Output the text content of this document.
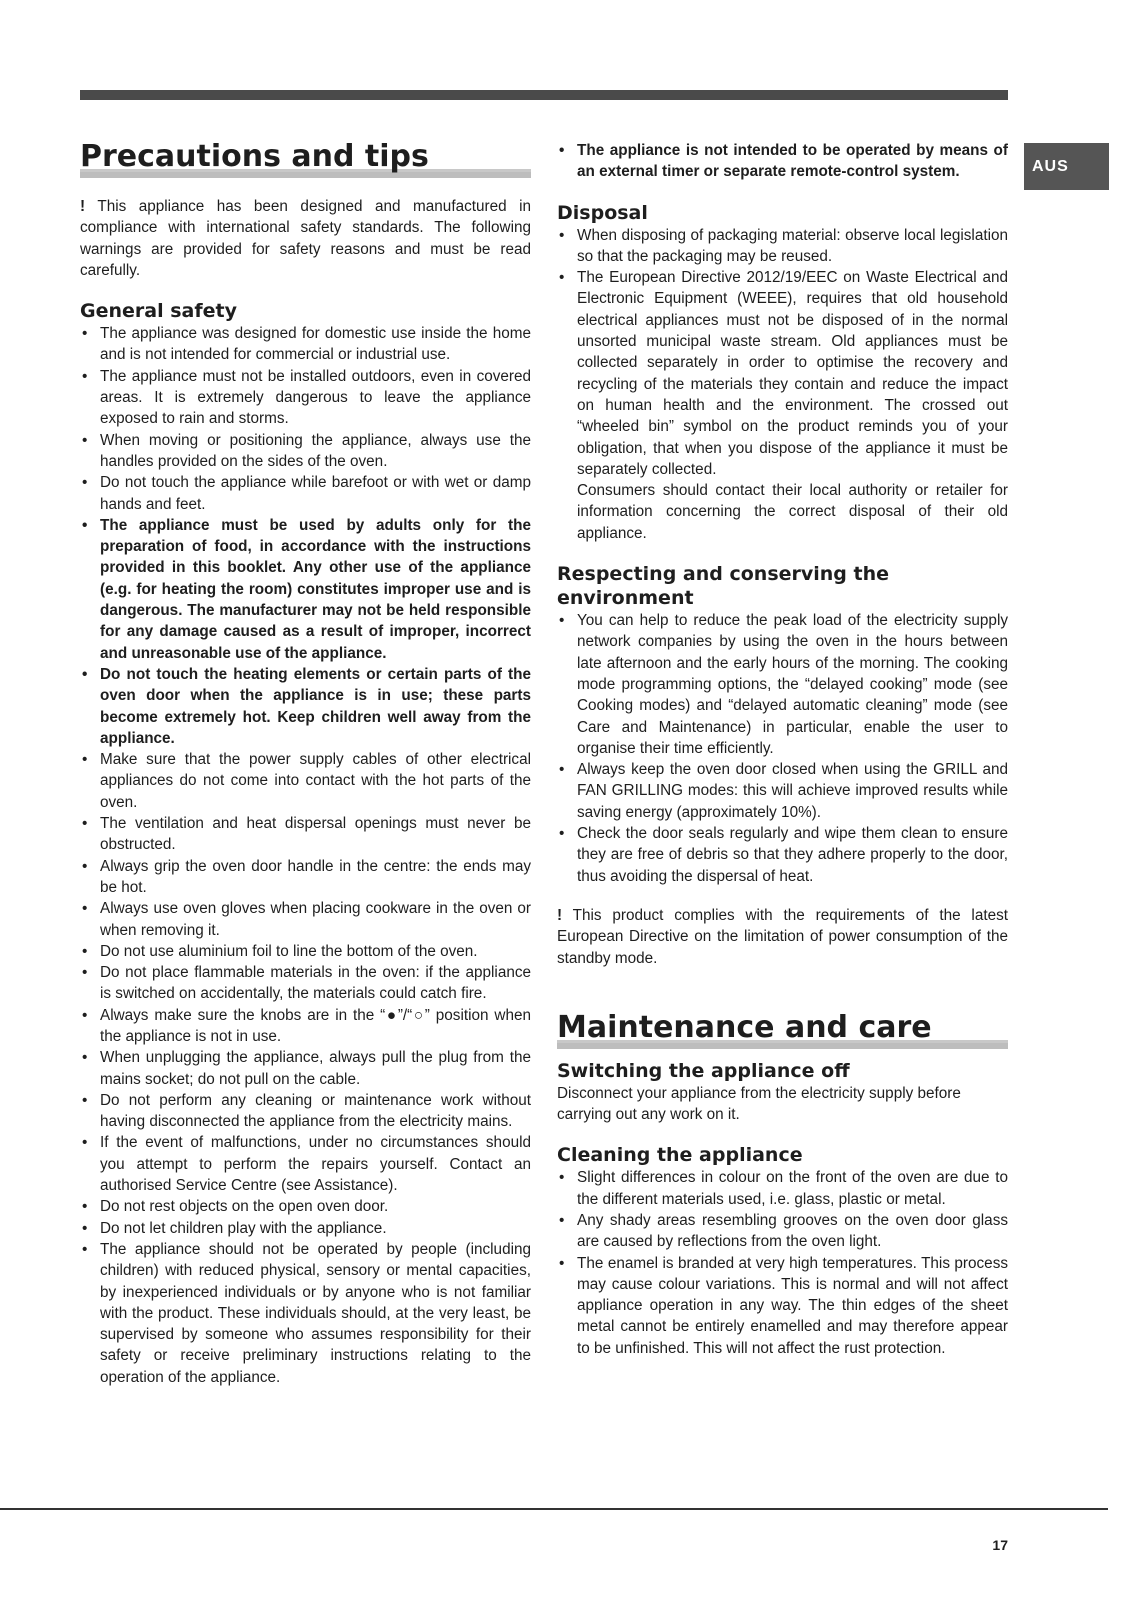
AUS
Precautions and tips

! This appliance has been designed and manufactured in compliance with international safety standards. The following warnings are provided for safety reasons and must be read carefully.

General safety
• The appliance was designed for domestic use inside the home and is not intended for commercial or industrial use.
• The appliance must not be installed outdoors, even in covered areas. It is extremely dangerous to leave the appliance exposed to rain and storms.
• When moving or positioning the appliance, always use the handles provided on the sides of the oven.
• Do not touch the appliance while barefoot or with wet or damp hands and feet.
• The appliance must be used by adults only for the preparation of food, in accordance with the instructions provided in this booklet. Any other use of the appliance (e.g. for heating the room) constitutes improper use and is dangerous. The manufacturer may not be held responsible for any damage caused as a result of improper, incorrect and unreasonable use of the appliance.
• Do not touch the heating elements or certain parts of the oven door when the appliance is in use; these parts become extremely hot. Keep children well away from the appliance.
• Make sure that the power supply cables of other electrical appliances do not come into contact with the hot parts of the oven.
• The ventilation and heat dispersal openings must never be obstructed.
• Always grip the oven door handle in the centre: the ends may be hot.
• Always use oven gloves when placing cookware in the oven or when removing it.
• Do not use aluminium foil to line the bottom of the oven.
• Do not place flammable materials in the oven: if the appliance is switched on accidentally, the materials could catch fire.
• Always make sure the knobs are in the “●”/“○” position when the appliance is not in use.
• When unplugging the appliance, always pull the plug from the mains socket; do not pull on the cable.
• Do not perform any cleaning or maintenance work without having disconnected the appliance from the electricity mains.
• If the event of malfunctions, under no circumstances should you attempt to perform the repairs yourself. Contact an authorised Service Centre (see Assistance).
• Do not rest objects on the open oven door.
• Do not let children play with the appliance.
• The appliance should not be operated by people (including children) with reduced physical, sensory or mental capacities, by inexperienced individuals or by anyone who is not familiar with the product. These individuals should, at the very least, be supervised by someone who assumes responsibility for their safety or receive preliminary instructions relating to the operation of the appliance.
• The appliance is not intended to be operated by means of an external timer or separate remote-control system.
Disposal
• When disposing of packaging material: observe local legislation so that the packaging may be reused.
• The European Directive 2012/19/EEC on Waste Electrical and Electronic Equipment (WEEE), requires that old household electrical appliances must not be disposed of in the normal unsorted municipal waste stream. Old appliances must be collected separately in order to optimise the recovery and recycling of the materials they contain and reduce the impact on human health and the environment. The crossed out “wheeled bin” symbol on the product reminds you of your obligation, that when you dispose of the appliance it must be separately collected.

Consumers should contact their local authority or retailer for information concerning the correct disposal of their old appliance.

Respecting and conserving the environment
• You can help to reduce the peak load of the electricity supply network companies by using the oven in the hours between late afternoon and the early hours of the morning. The cooking mode programming options, the “delayed cooking” mode (see Cooking modes) and “delayed automatic cleaning” mode (see Care and Maintenance) in particular, enable the user to organise their time efficiently.
• Always keep the oven door closed when using the GRILL and FAN GRILLING modes: this will achieve improved results while saving energy (approximately 10%).
• Check the door seals regularly and wipe them clean to ensure they are free of debris so that they adhere properly to the door, thus avoiding the dispersal of heat.

! This product complies with the requirements of the latest European Directive on the limitation of power consumption of the standby mode.

Maintenance and care
Switching the appliance off

Disconnect your appliance from the electricity supply before carrying out any work on it.

Cleaning the appliance
• Slight differences in colour on the front of the oven are due to the different materials used, i.e. glass, plastic or metal.
• Any shady areas resembling grooves on the oven door glass are caused by reflections from the oven light.
• The enamel is branded at very high temperatures. This process may cause colour variations. This is normal and will not affect appliance operation in any way. The thin edges of the sheet metal cannot be entirely enamelled and may therefore appear to be unfinished. This will not affect the rust protection.
17
